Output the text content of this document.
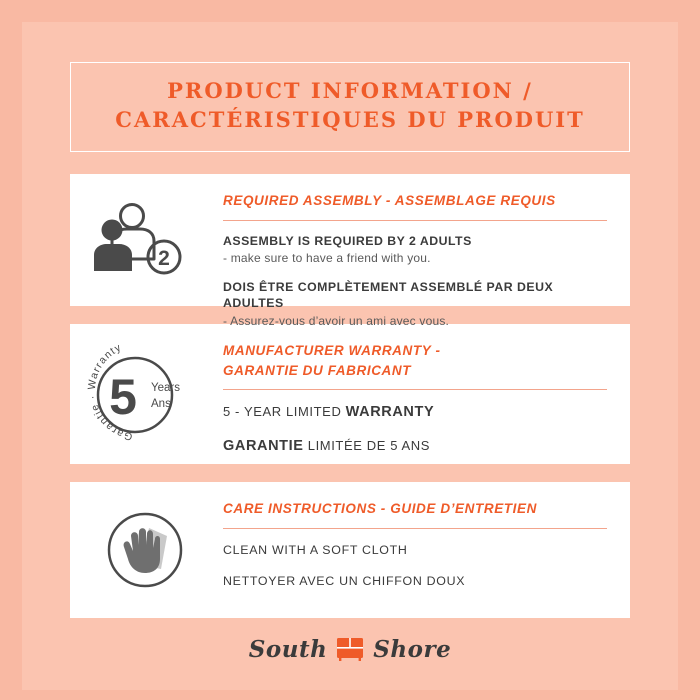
PRODUCT INFORMATION /
CARACTÉRISTIQUES DU PRODUIT
2
REQUIRED ASSEMBLY - ASSEMBLAGE REQUIS
ASSEMBLY IS REQUIRED BY 2 ADULTS
- make sure to have a friend with you.
DOIS ÊTRE COMPLÈTEMENT ASSEMBLÉ PAR DEUX ADULTES
- Assurez-vous d’avoir un ami avec vous.
5 Years
Ans
Garantie · Warranty	MANUFACTURER WARRANTY -
GARANTIE DU FABRICANT
5 - YEAR LIMITED WARRANTY
GARANTIE LIMITÉE DE 5 ANS
CARE INSTRUCTIONS - GUIDE D’ENTRETIEN
CLEAN WITH A SOFT CLOTH
NETTOYER AVEC UN CHIFFON DOUX
South Shore
